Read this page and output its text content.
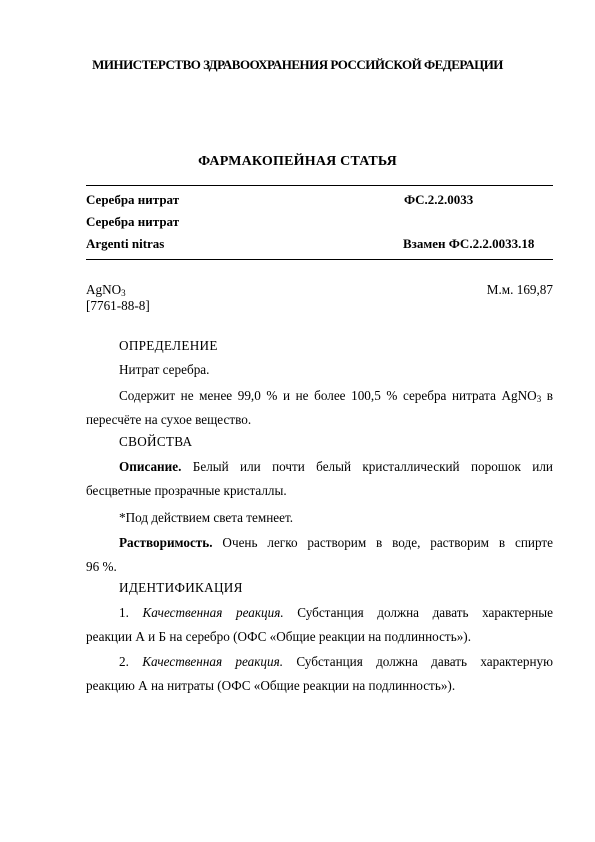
МИНИСТЕРСТВО ЗДРАВООХРАНЕНИЯ РОССИЙСКОЙ ФЕДЕРАЦИИ
ФАРМАКОПЕЙНАЯ СТАТЬЯ
Серебра нитрат	ФС.2.2.0033
Серебра нитрат
Argenti nitras	Взамен ФС.2.2.0033.18
AgNO$_3$	М.м. 169,87
[7761-88-8]
ОПРЕДЕЛЕНИЕ
Нитрат серебра.
Содержит не менее 99,0 % и не более 100,5 % серебра нитрата AgNO$_3$ в
пересчёте на сухое вещество.
СВОЙСТВА
Описание. Белый или почти белый кристаллический порошок или
бесцветные прозрачные кристаллы.
*Под действием света темнеет.
Растворимость. Очень легко растворим в воде, растворим в спирте
96 %.
ИДЕНТИФИКАЦИЯ
1. Качественная реакция. Субстанция должна давать характерные
реакции А и Б на серебро (ОФС «Общие реакции на подлинность»).
2. Качественная реакция. Субстанция должна давать характерную
реакцию А на нитраты (ОФС «Общие реакции на подлинность»).
